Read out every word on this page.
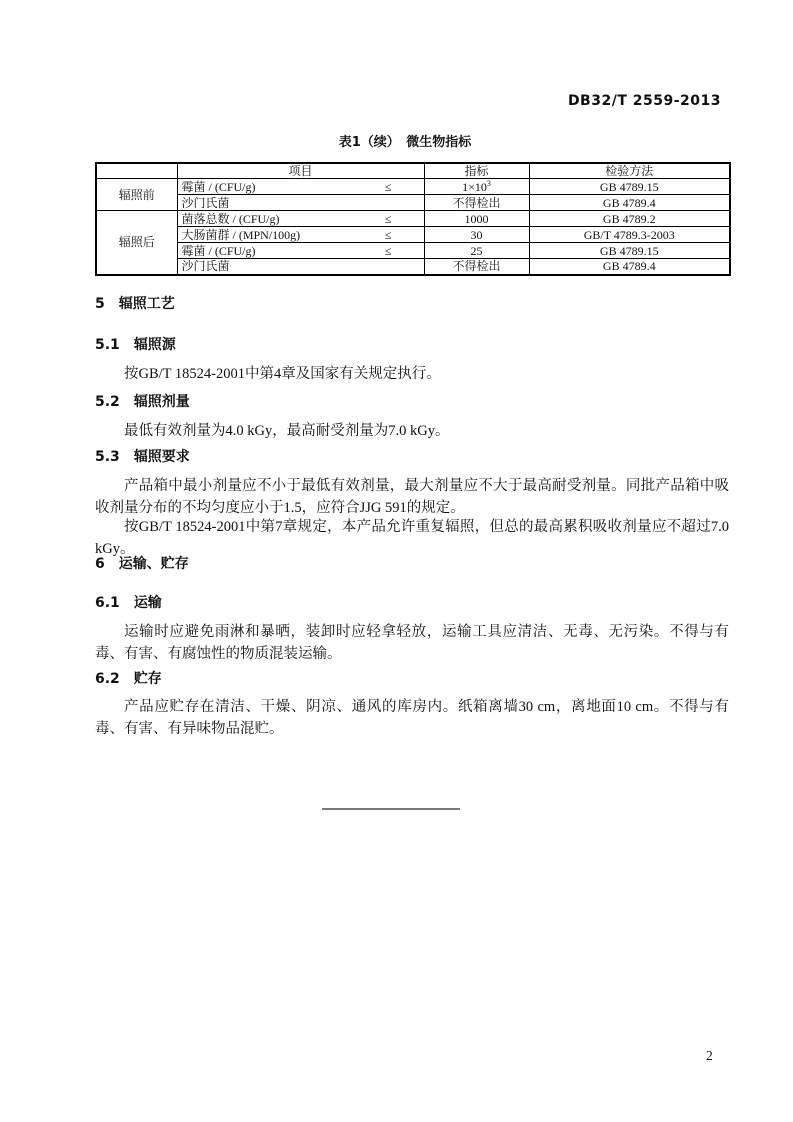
DB32/T 2559-2013
表1（续）　微生物指标
	项目	指标	检验方法
辐照前	霉菌 / (CFU/g) ≤	$1\times 10^3$	GB 4789.15

	沙门氏菌	不得检出	GB 4789.4
辐照后	菌落总数 / (CFU/g) ≤	1000	GB 4789.2

	大肠菌群 / (MPN/100g) ≤	30	GB/T 4789.3-2003

	霉菌 / (CFU/g) ≤	25	GB 4789.15

	沙门氏菌	不得检出	GB 4789.4
5 辐照工艺
5.1 辐照源
按GB/T 18524-2001中第4章及国家有关规定执行。
5.2 辐照剂量
最低有效剂量为4.0 kGy，最高耐受剂量为7.0 kGy。
5.3 辐照要求
产品箱中最小剂量应不小于最低有效剂量，最大剂量应不大于最高耐受剂量。同批产品箱中吸收剂量分布的不均匀度应小于1.5，应符合JJG 591的规定。
按GB/T 18524-2001中第7章规定，本产品允许重复辐照，但总的最高累积吸收剂量应不超过7.0 kGy。
6 运输、贮存
6.1 运输
运输时应避免雨淋和暴晒，装卸时应轻拿轻放，运输工具应清洁、无毒、无污染。不得与有毒、有害、有腐蚀性的物质混装运输。
6.2 贮存
产品应贮存在清洁、干燥、阴凉、通风的库房内。纸箱离墙30 cm，离地面10 cm。不得与有毒、有害、有异味物品混贮。
2
